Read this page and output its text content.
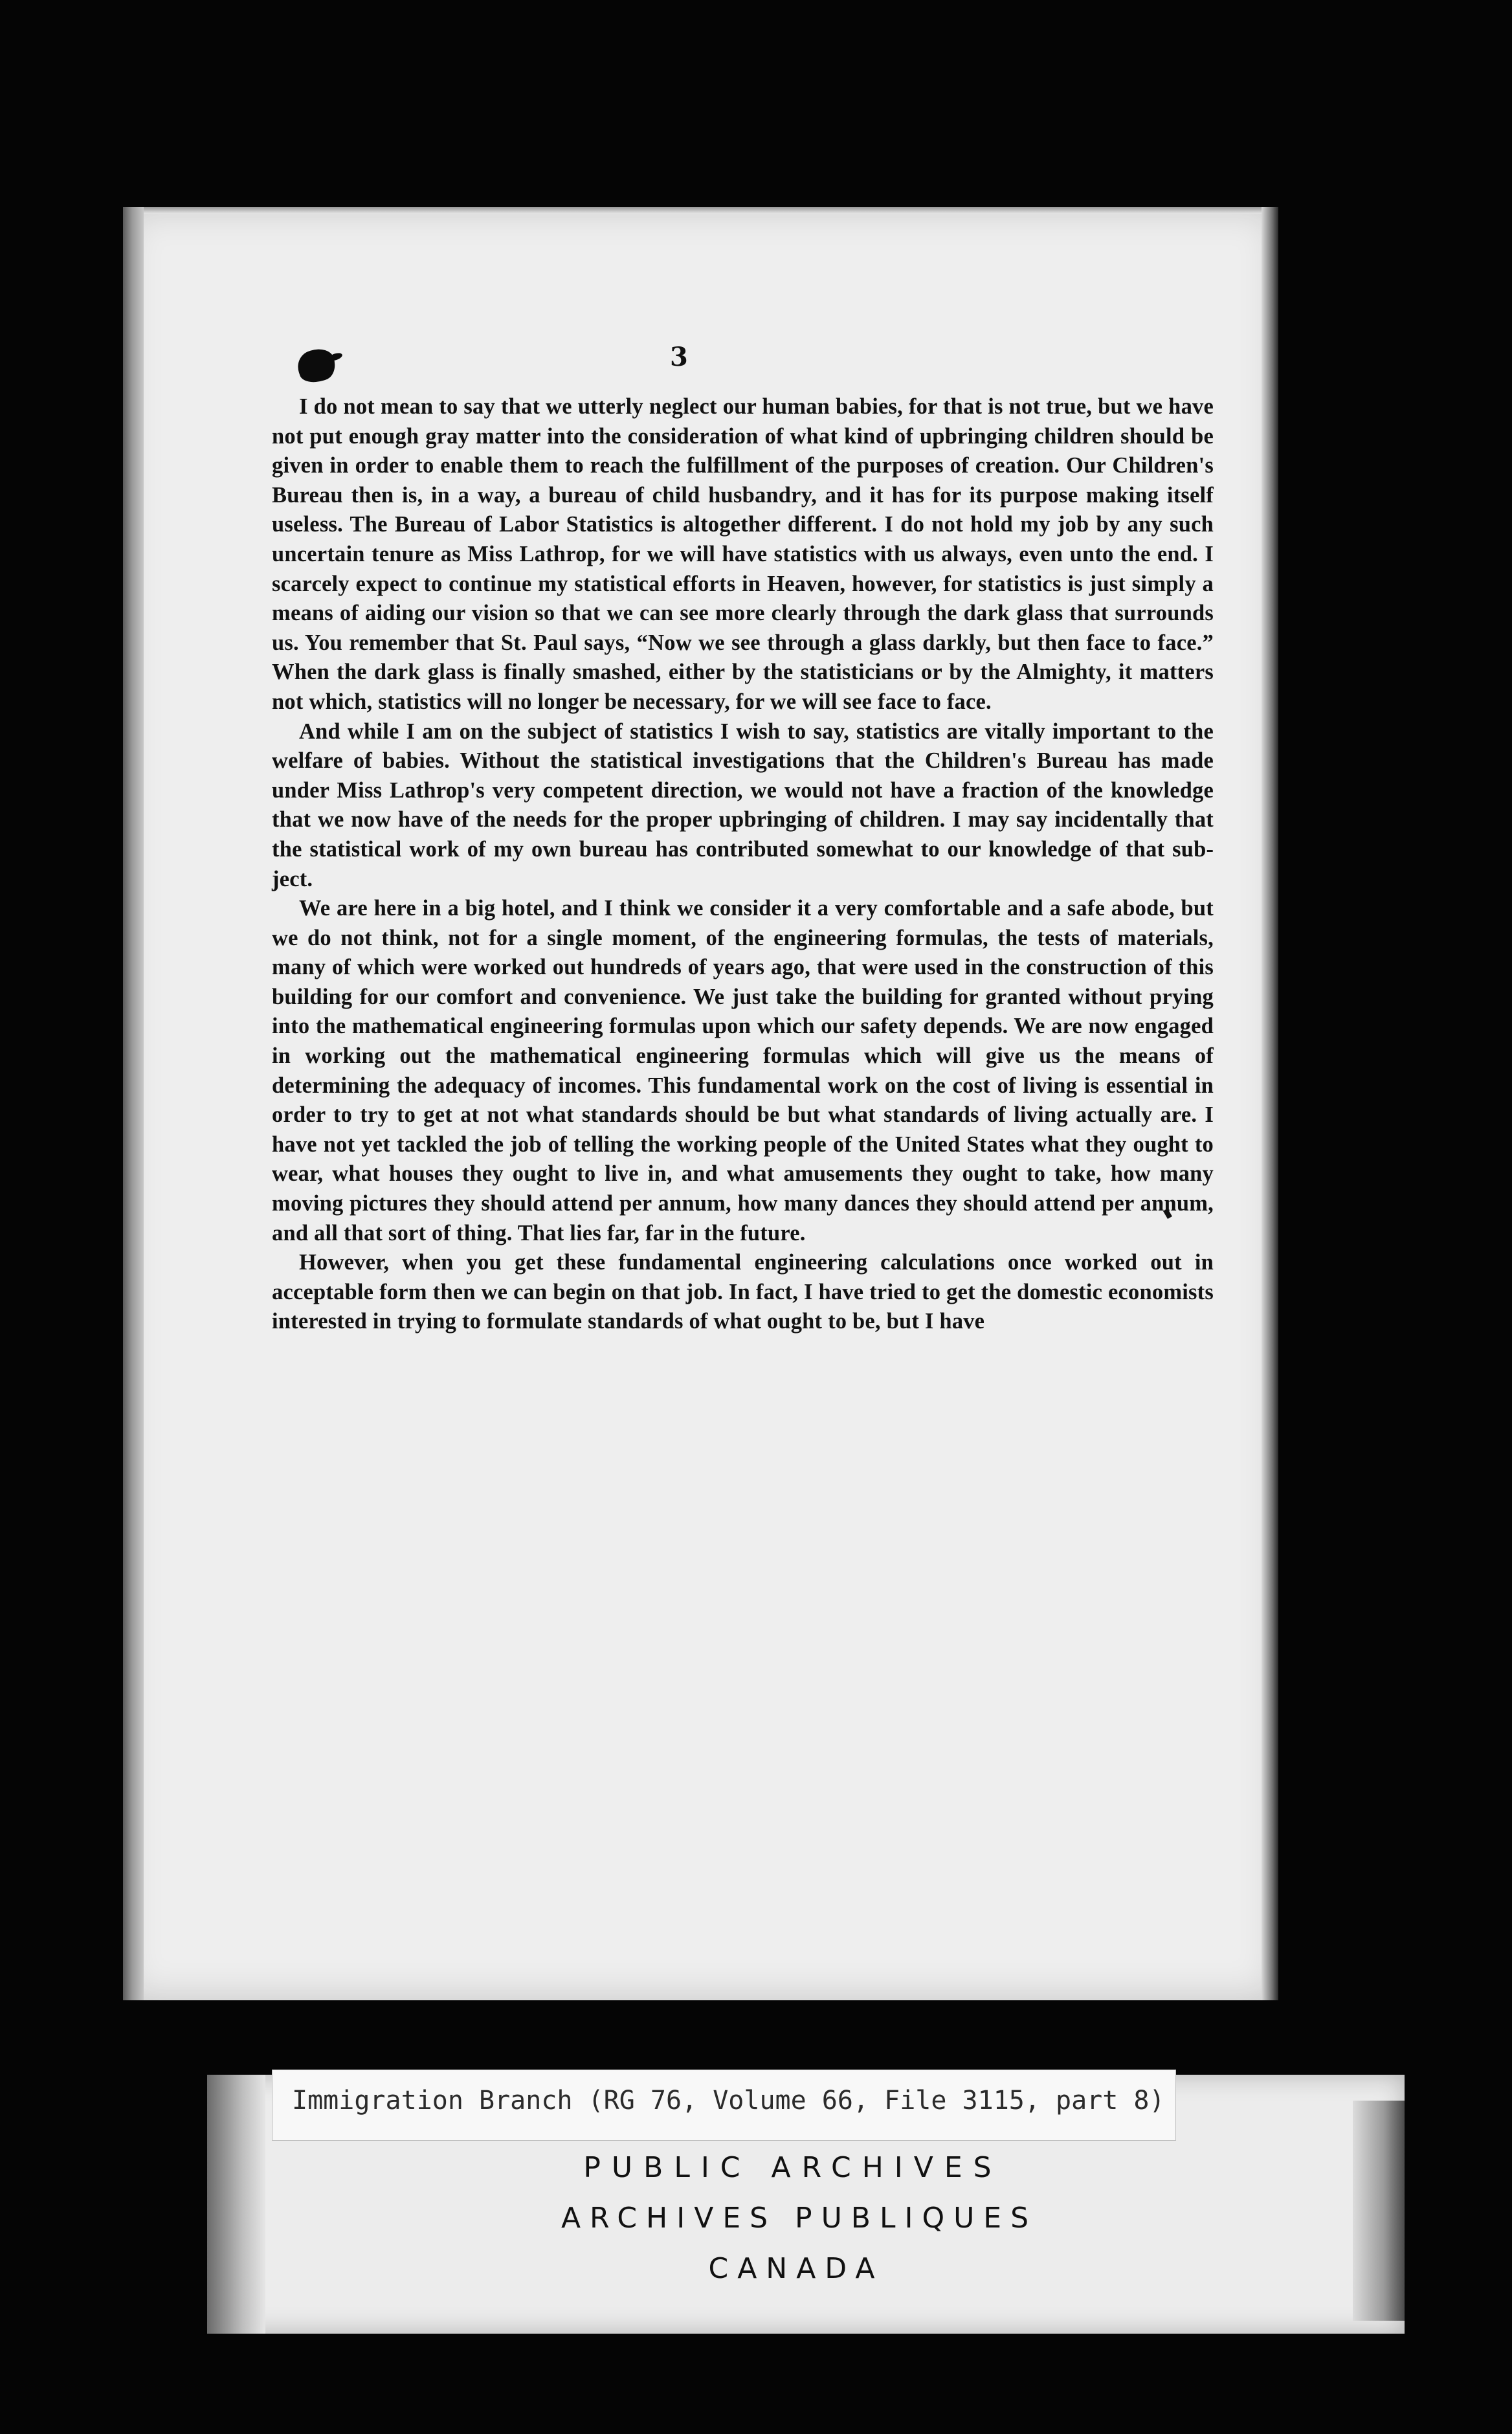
3

I do not mean to say that we utterly neglect our human babies, for that is not true, but we have not put enough gray matter into the consideration of what kind of upbringing children should be given in order to enable them to reach the fulfillment of the purposes of creation. Our Children's Bureau then is, in a way, a bureau of child husbandry, and it has for its purpose making itself useless. The Bureau of Labor Statistics is altogether different. I do not hold my job by any such uncertain tenure as Miss Lathrop, for we will have statistics with us always, even unto the end. I scarcely expect to continue my statistical efforts in Heaven, however, for statistics is just simply a means of aiding our vision so that we can see more clearly through the dark glass that surrounds us. You remember that St. Paul says, “Now we see through a glass darkly, but then face to face.” When the dark glass is finally smashed, either by the statisticians or by the Almighty, it matters not which, statistics will no longer be necessary, for we will see face to face.

And while I am on the subject of statistics I wish to say, statistics are vitally important to the welfare of babies. Without the statistical investigations that the Children's Bureau has made under Miss Lathrop's very competent direction, we would not have a fraction of the knowledge that we now have of the needs for the proper upbringing of children. I may say incidentally that the statistical work of my own bureau has contributed somewhat to our knowledge of that subject.

We are here in a big hotel, and I think we consider it a very comfortable and a safe abode, but we do not think, not for a single moment, of the engineering formulas, the tests of materials, many of which were worked out hundreds of years ago, that were used in the construction of this building for our comfort and convenience. We just take the building for granted without prying into the mathematical engineering formulas upon which our safety depends. We are now engaged in working out the mathematical engineering formulas which will give us the means of determining the adequacy of incomes. This fundamental work on the cost of living is essential in order to try to get at not what standards should be but what standards of living actually are. I have not yet tackled the job of telling the working people of the United States what they ought to wear, what houses they ought to live in, and what amusements they ought to take, how many moving pictures they should attend per annum, how many dances they should attend per annum, and all that sort of thing. That lies far, far in the future.

However, when you get these fundamental engineering calculations once worked out in acceptable form then we can begin on that job. In fact, I have tried to get the domestic economists interested in trying to formulate standards of what ought to be, but I have

Immigration Branch (RG 76, Volume 66, File 3115, part 8)
PUBLIC ARCHIVES
ARCHIVES PUBLIQUES
CANADA
